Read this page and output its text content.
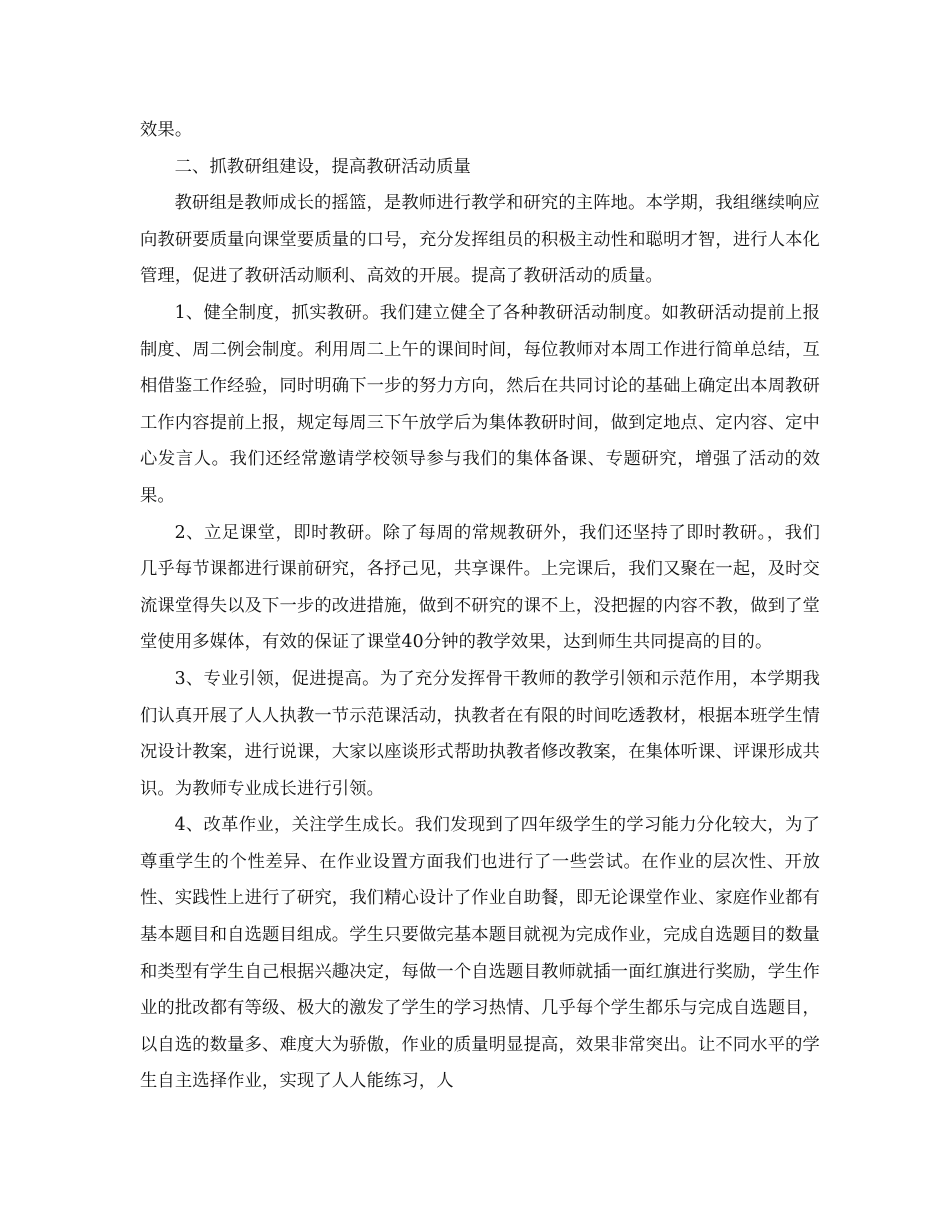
效果。

二、抓教研组建设，提高教研活动质量

教研组是教师成长的摇篮，是教师进行教学和研究的主阵地。本学期，我组继续响应向教研要质量向课堂要质量的口号，充分发挥组员的积极主动性和聪明才智，进行人本化管理，促进了教研活动顺利、高效的开展。提高了教研活动的质量。

1、健全制度，抓实教研。我们建立健全了各种教研活动制度。如教研活动提前上报制度、周二例会制度。利用周二上午的课间时间，每位教师对本周工作进行简单总结，互相借鉴工作经验，同时明确下一步的努力方向，然后在共同讨论的基础上确定出本周教研工作内容提前上报，规定每周三下午放学后为集体教研时间，做到定地点、定内容、定中心发言人。我们还经常邀请学校领导参与我们的集体备课、专题研究，增强了活动的效果。

2、立足课堂，即时教研。除了每周的常规教研外，我们还坚持了即时教研。，我们几乎每节课都进行课前研究，各抒己见，共享课件。上完课后，我们又聚在一起，及时交流课堂得失以及下一步的改进措施，做到不研究的课不上，没把握的内容不教，做到了堂堂使用多媒体，有效的保证了课堂40分钟的教学效果，达到师生共同提高的目的。

3、专业引领，促进提高。为了充分发挥骨干教师的教学引领和示范作用，本学期我们认真开展了人人执教一节示范课活动，执教者在有限的时间吃透教材，根据本班学生情况设计教案，进行说课，大家以座谈形式帮助执教者修改教案，在集体听课、评课形成共识。为教师专业成长进行引领。

4、改革作业，关注学生成长。我们发现到了四年级学生的学习能力分化较大，为了尊重学生的个性差异、在作业设置方面我们也进行了一些尝试。在作业的层次性、开放性、实践性上进行了研究，我们精心设计了作业自助餐，即无论课堂作业、家庭作业都有基本题目和自选题目组成。学生只要做完基本题目就视为完成作业，完成自选题目的数量和类型有学生自己根据兴趣决定，每做一个自选题目教师就插一面红旗进行奖励，学生作业的批改都有等级、极大的激发了学生的学习热情、几乎每个学生都乐与完成自选题目，以自选的数量多、难度大为骄傲，作业的质量明显提高，效果非常突出。让不同水平的学生自主选择作业，实现了人人能练习，人
